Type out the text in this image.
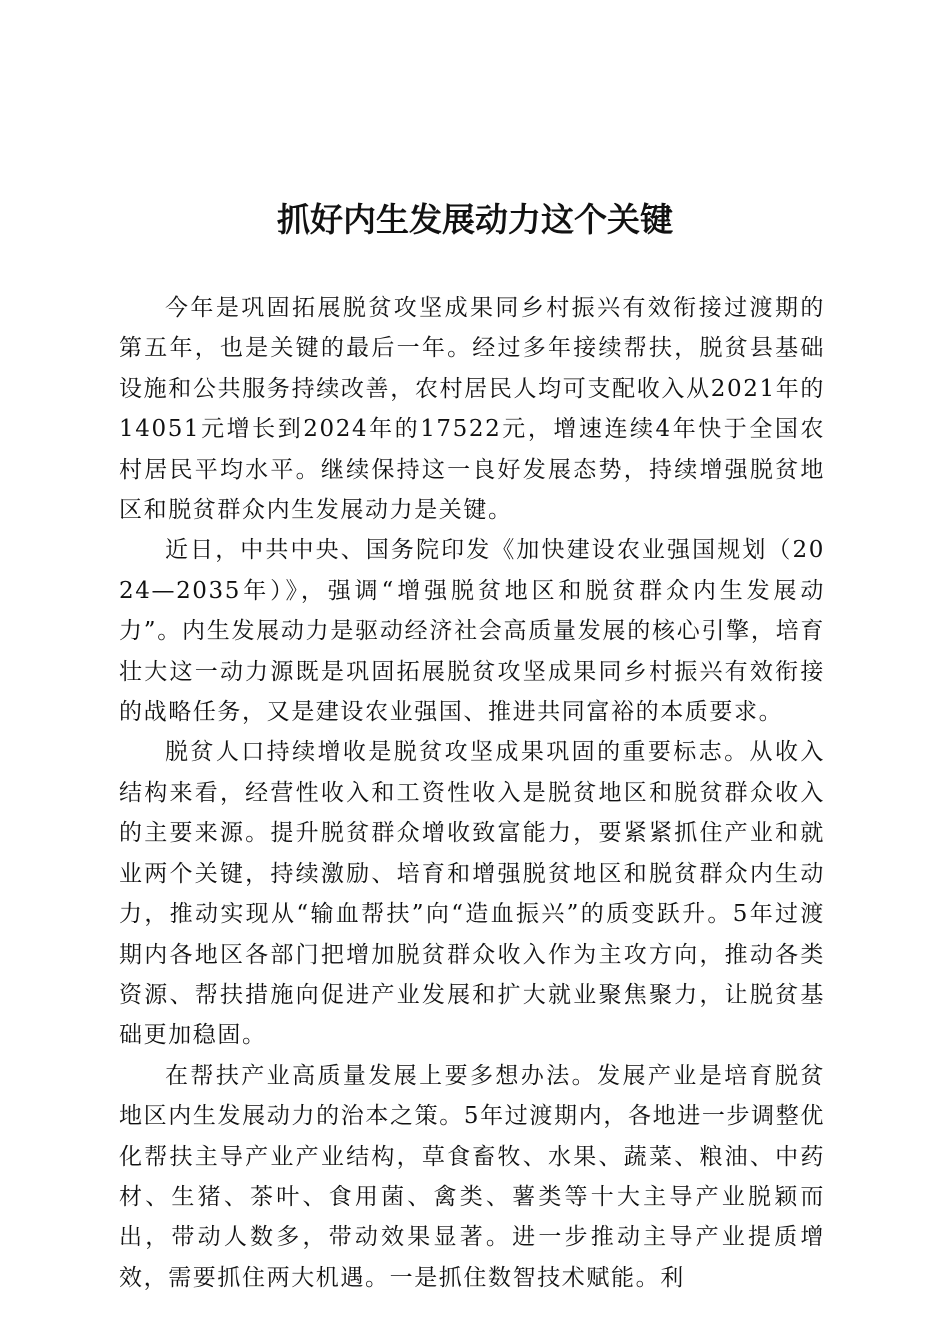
抓好内生发展动力这个关键

今年是巩固拓展脱贫攻坚成果同乡村振兴有效衔接过渡期的第五年，也是关键的最后一年。经过多年接续帮扶，脱贫县基础设施和公共服务持续改善，农村居民人均可支配收入从2021年的14051元增长到2024年的17522元，增速连续4年快于全国农村居民平均水平。继续保持这一良好发展态势，持续增强脱贫地区和脱贫群众内生发展动力是关键。

近日，中共中央、国务院印发《加快建设农业强国规划（2024—2035年）》，强调“增强脱贫地区和脱贫群众内生发展动力”。内生发展动力是驱动经济社会高质量发展的核心引擎，培育壮大这一动力源既是巩固拓展脱贫攻坚成果同乡村振兴有效衔接的战略任务，又是建设农业强国、推进共同富裕的本质要求。

脱贫人口持续增收是脱贫攻坚成果巩固的重要标志。从收入结构来看，经营性收入和工资性收入是脱贫地区和脱贫群众收入的主要来源。提升脱贫群众增收致富能力，要紧紧抓住产业和就业两个关键，持续激励、培育和增强脱贫地区和脱贫群众内生动力，推动实现从“输血帮扶”向“造血振兴”的质变跃升。5年过渡期内各地区各部门把增加脱贫群众收入作为主攻方向，推动各类资源、帮扶措施向促进产业发展和扩大就业聚焦聚力，让脱贫基础更加稳固。

在帮扶产业高质量发展上要多想办法。发展产业是培育脱贫地区内生发展动力的治本之策。5年过渡期内，各地进一步调整优化帮扶主导产业产业结构，草食畜牧、水果、蔬菜、粮油、中药材、生猪、茶叶、食用菌、禽类、薯类等十大主导产业脱颖而出，带动人数多，带动效果显著。进一步推动主导产业提质增效，需要抓住两大机遇。一是抓住数智技术赋能。利
